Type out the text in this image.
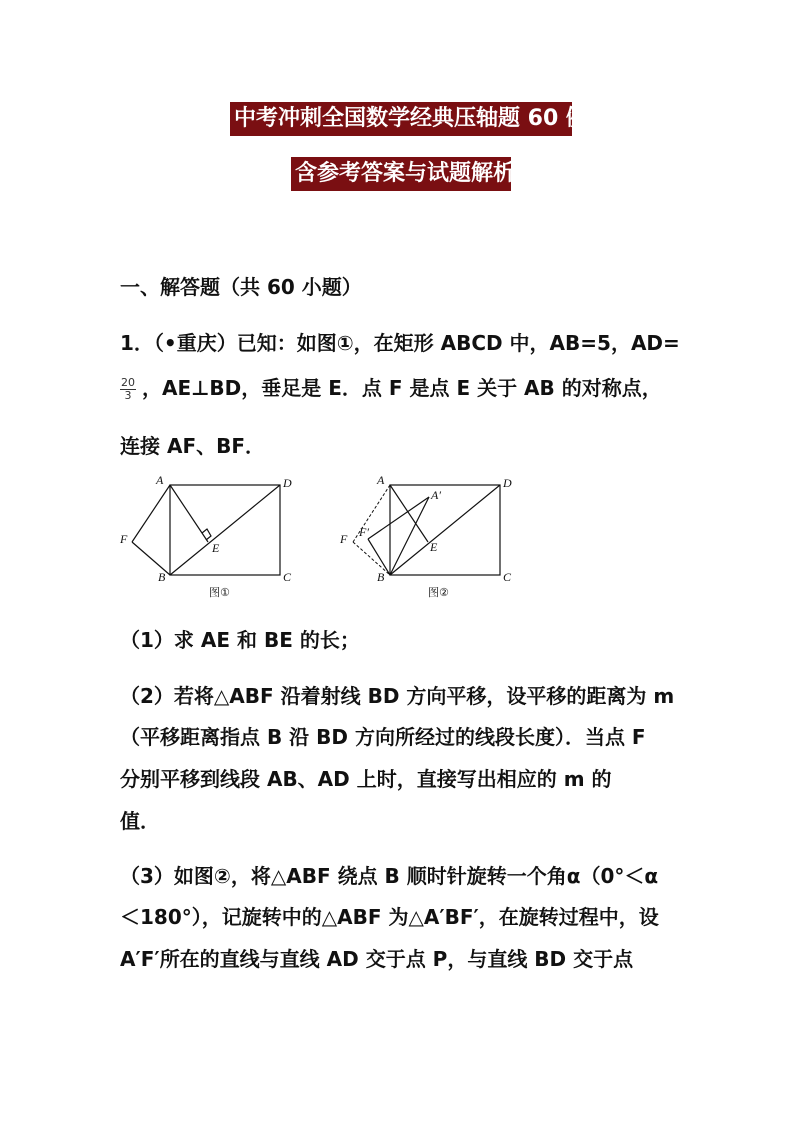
中考冲刺全国数学经典压轴题 60 例
含参考答案与试题解析
一、解答题（共 60 小题）
1．（•重庆）已知：如图①，在矩形 ABCD 中，AB=5，AD=
$\frac{20}{3}$ ，AE⊥BD，垂足是 E．点 F 是点 E 关于 AB 的对称点，
连接 AF、BF．
A	D
F
E
B	C
图①
A
A′
D
F F′
E
B	C
图②
（1）求 AE 和 BE 的长；
（2）若将△ABF 沿着射线 BD 方向平移，设平移的距离为 m
（平移距离指点 B 沿 BD 方向所经过的线段长度）．当点 F
分别平移到线段 AB、AD 上时，直接写出相应的 m 的
值．
（3）如图②，将△ABF 绕点 B 顺时针旋转一个角α（0°＜α
＜180°），记旋转中的△ABF 为△A′BF′，在旋转过程中，设
A′F′所在的直线与直线 AD 交于点 P，与直线 BD 交于点
